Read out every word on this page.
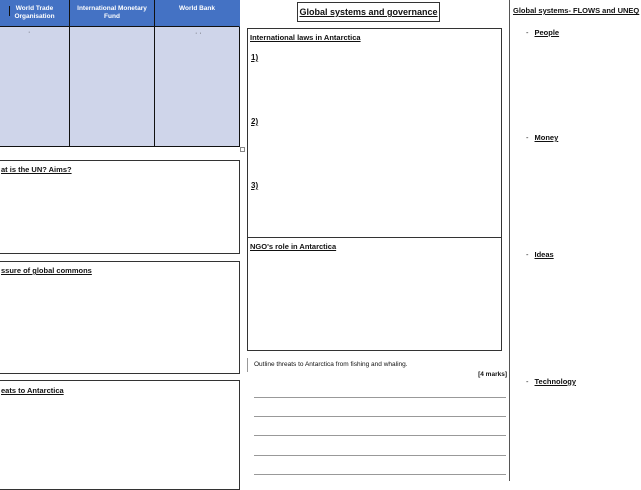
World Trade Organisation
International Monetary Fund
World Bank
·	· ·
at is the UN? Aims?
ssure of global commons
eats to Antarctica
Global systems and governance
International laws in Antarctica
1)
2)
3)
NGO's role in Antarctica
Outline threats to Antarctica from fishing and whaling.
[4 marks]
Global systems- FLOWS and UNEQ
- People
- Money
- Ideas
- Technology
